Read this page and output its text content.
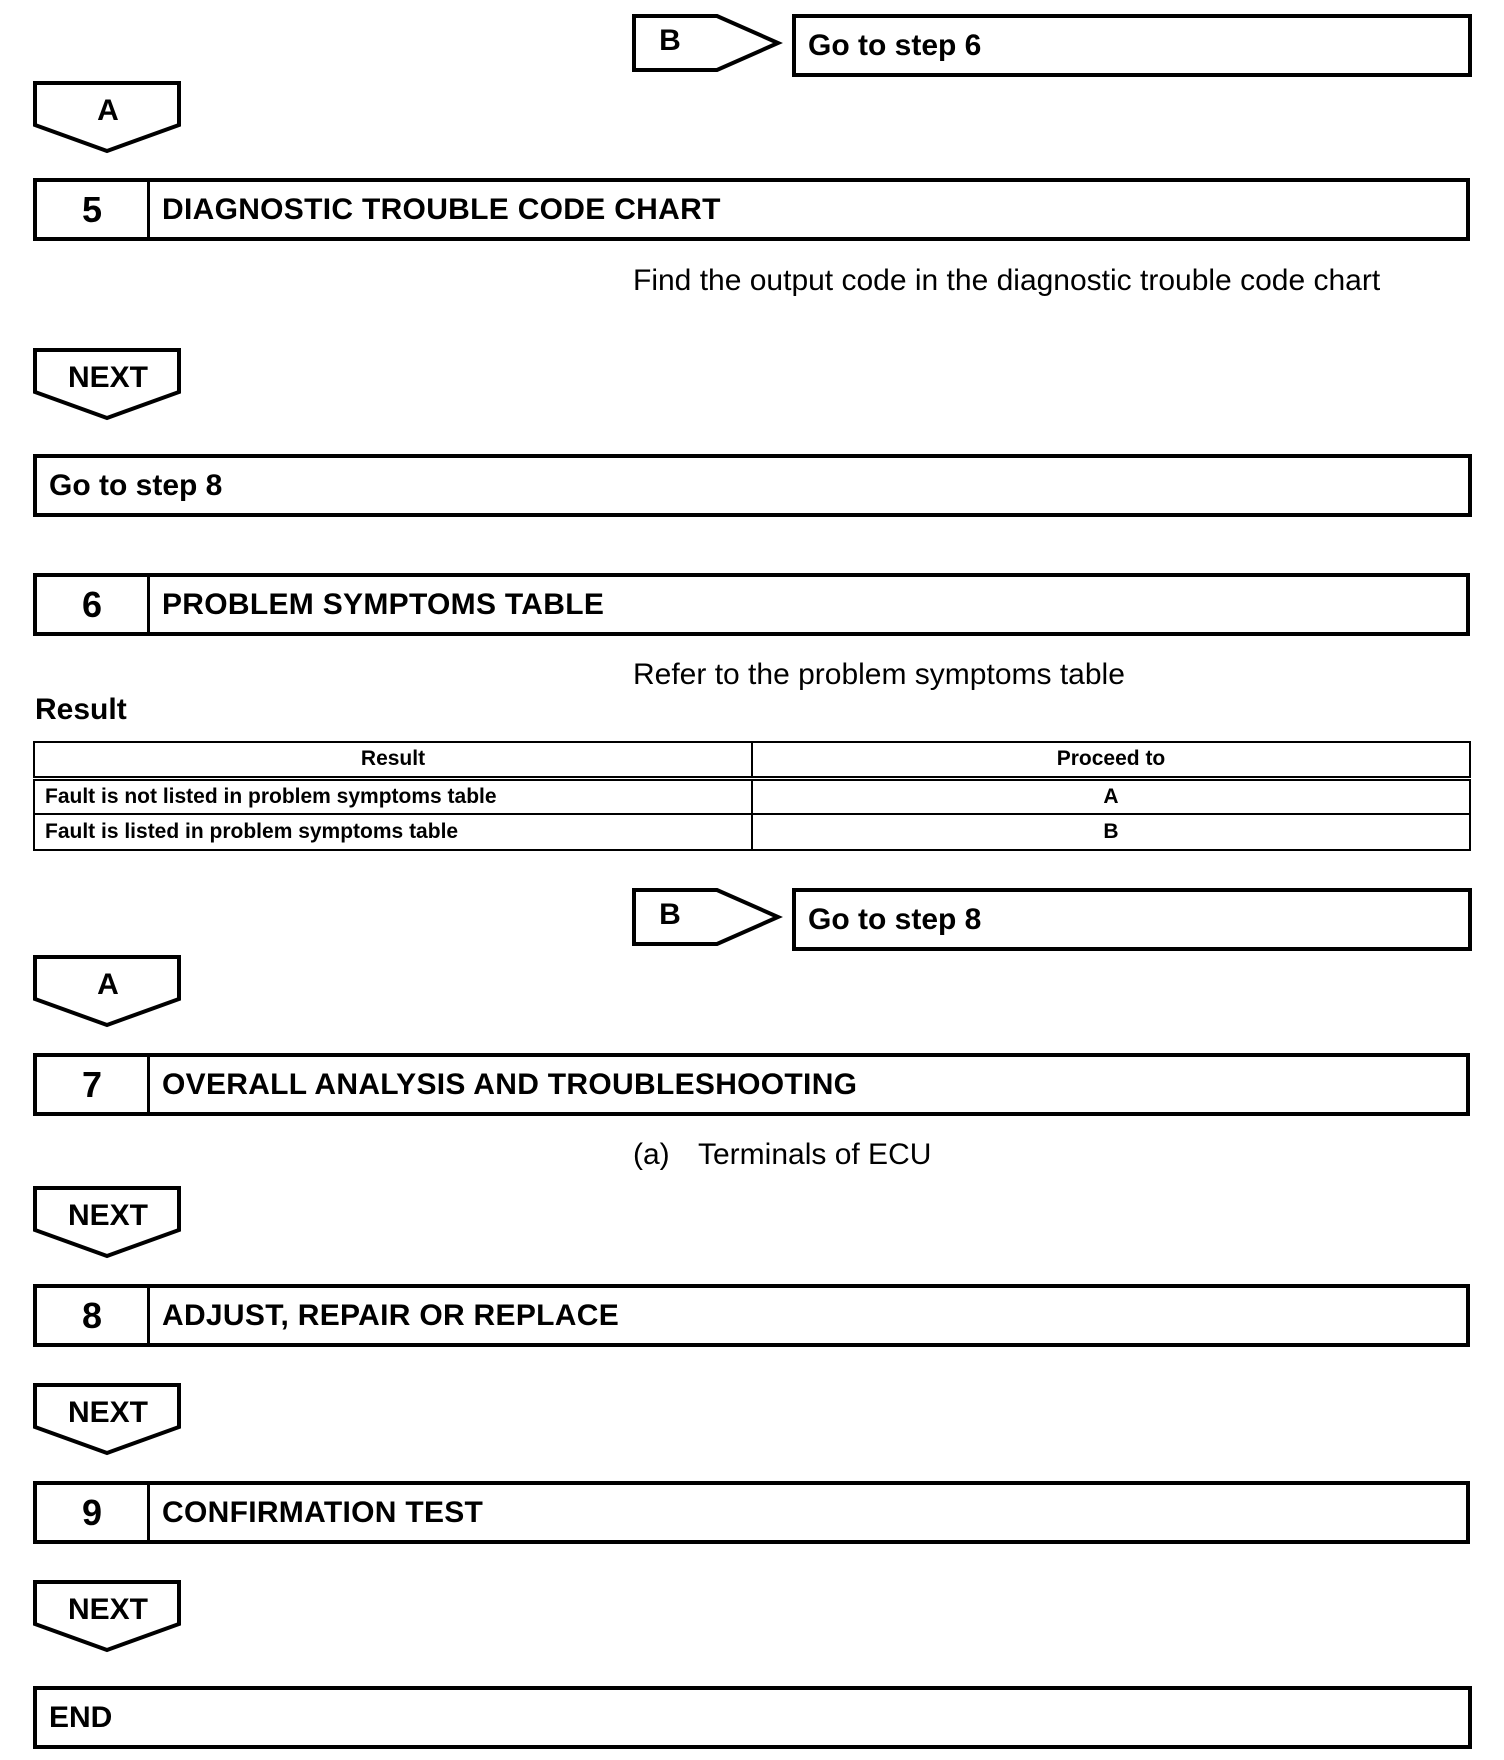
B	Go to step 6
A
5	DIAGNOSTIC TROUBLE CODE CHART
Find the output code in the diagnostic trouble code chart
NEXT
Go to step 8
6	PROBLEM SYMPTOMS TABLE
Refer to the problem symptoms table
Result
Result	Proceed to
Fault is not listed in problem symptoms table	A
Fault is listed in problem symptoms table	B
B	Go to step 8
A
7	OVERALL ANALYSIS AND TROUBLESHOOTING
(a) Terminals of ECU
NEXT
8	ADJUST, REPAIR OR REPLACE
NEXT
9	CONFIRMATION TEST
NEXT
END
